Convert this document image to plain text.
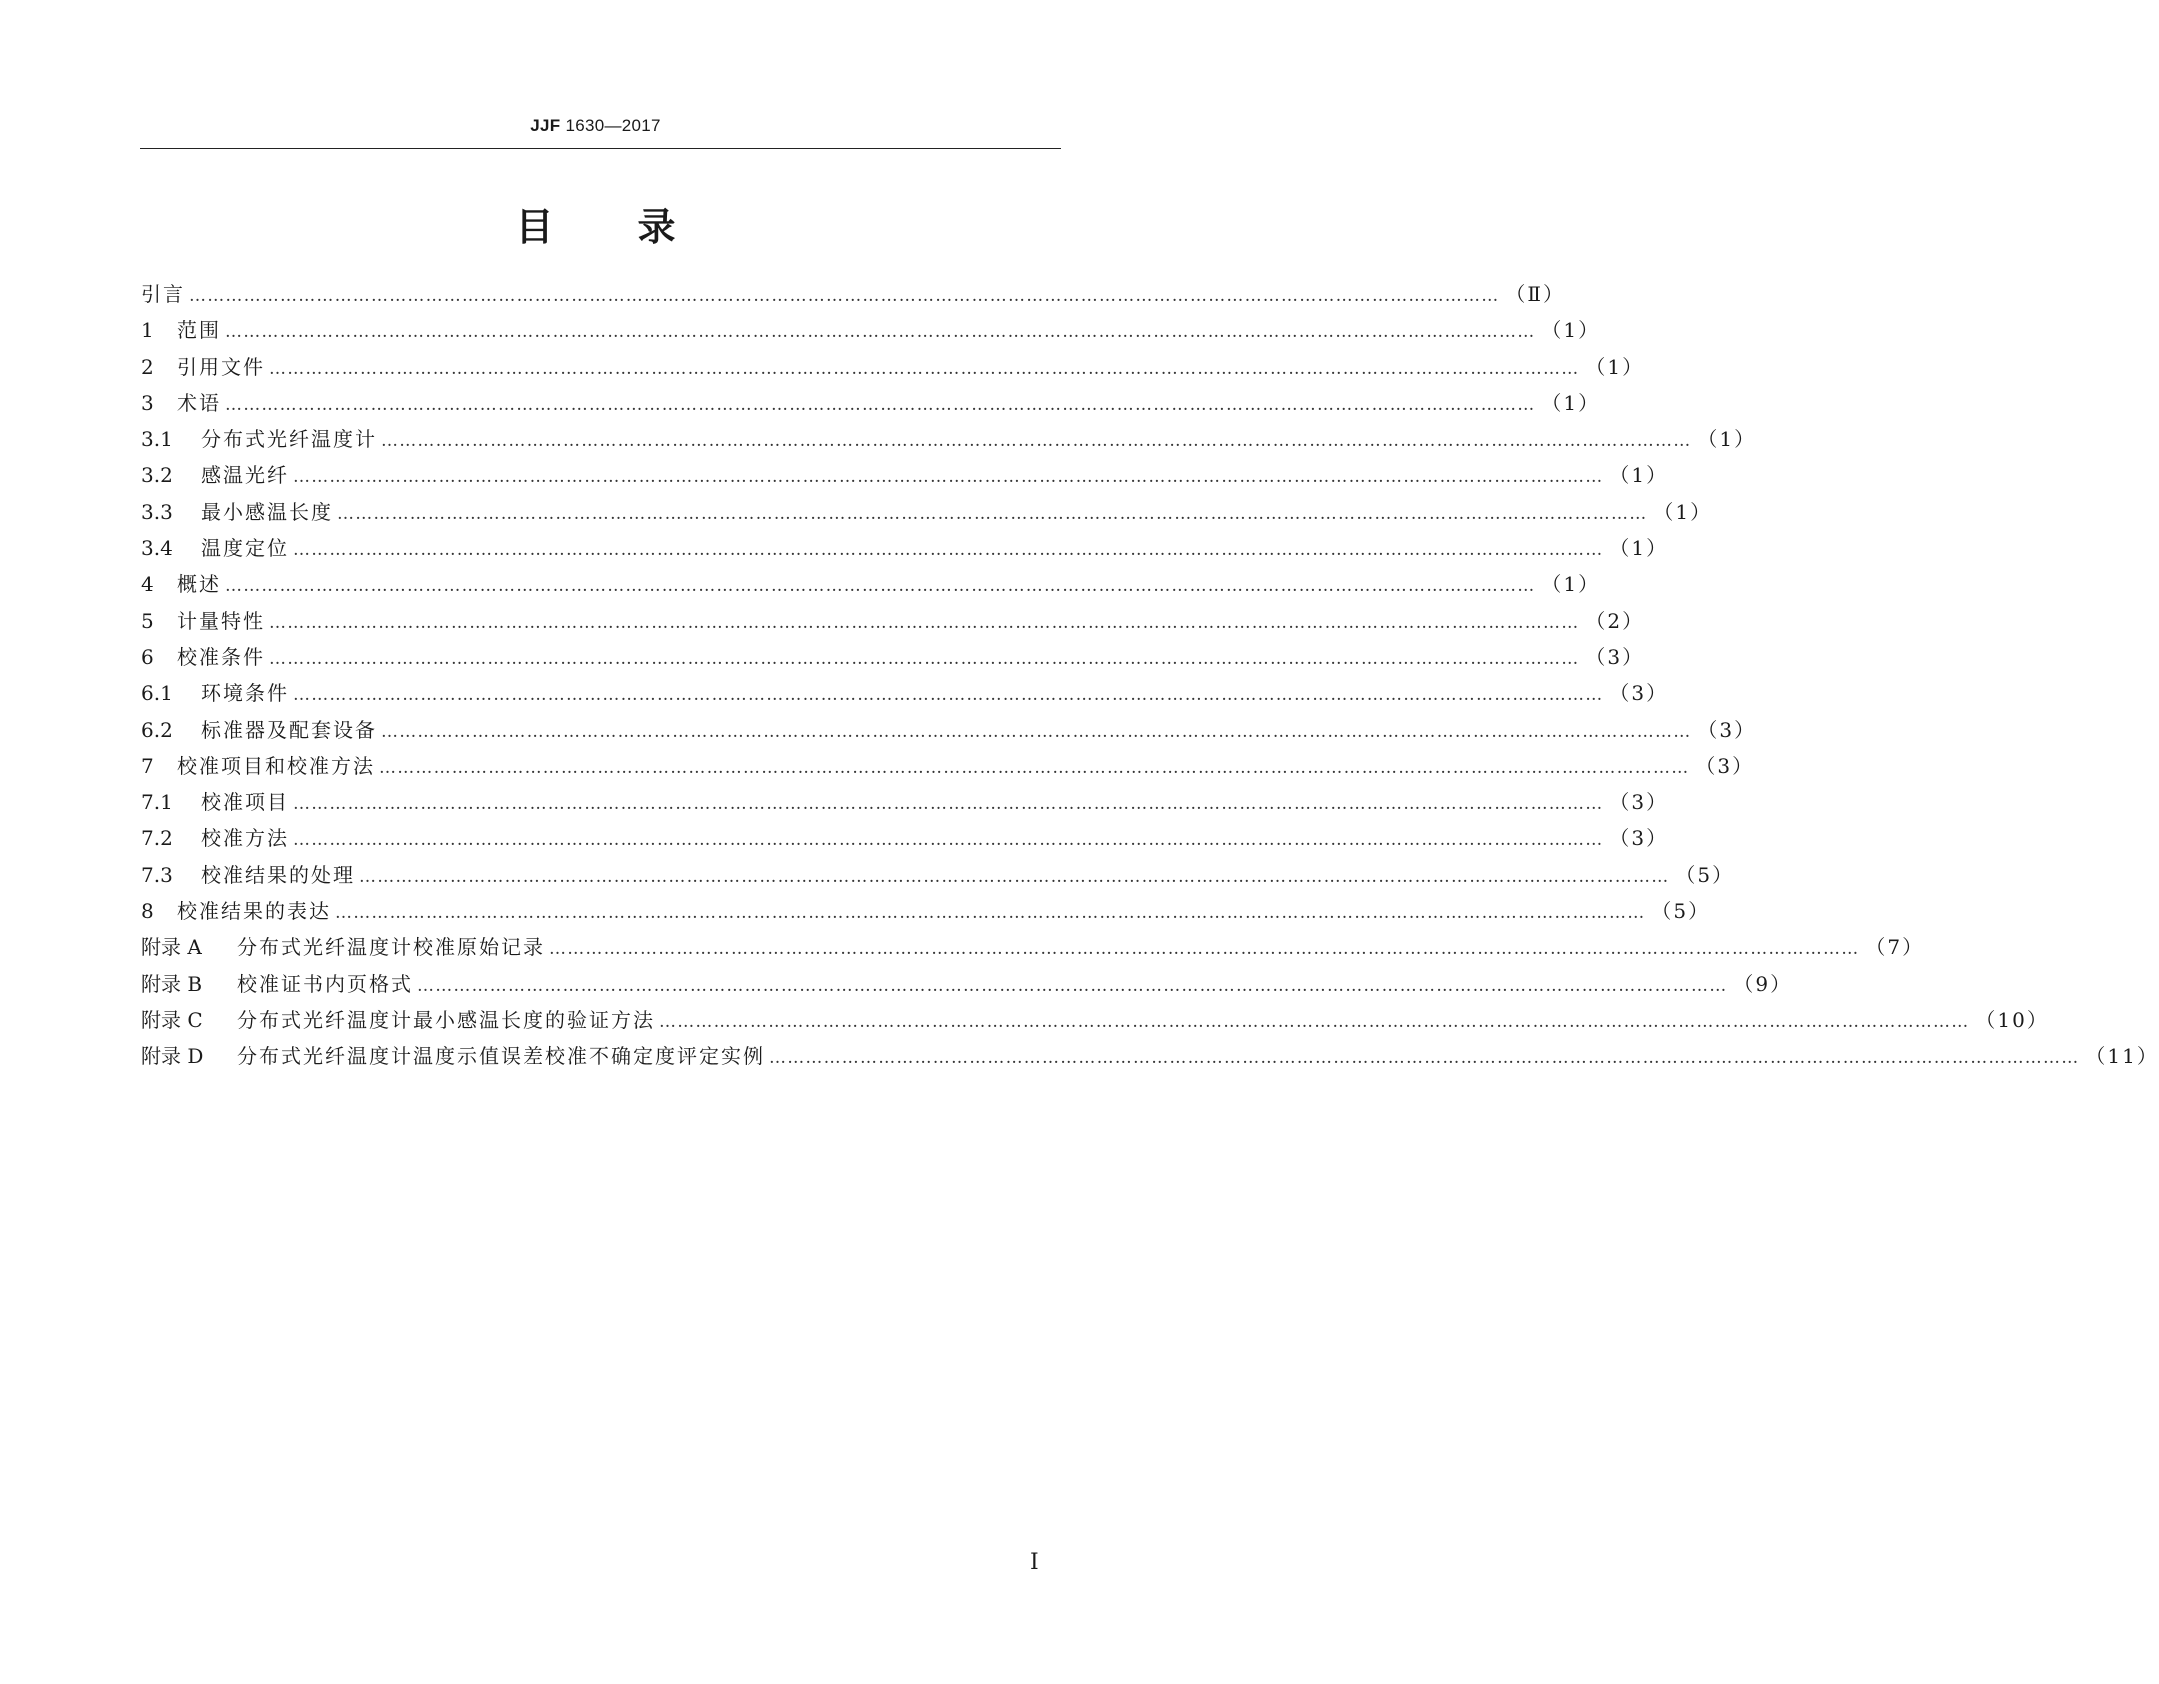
JJF 1630—2017
目 录
引言 ……………………………………………………………………………………………………………………………………………………………………………………………… （Ⅱ）
1	范围 ……………………………………………………………………………………………………………………………………………………………………………………………… （1）
2	引用文件 ……………………………………………………………………………………………………………………………………………………………………………………………… （1）
3	术语 ……………………………………………………………………………………………………………………………………………………………………………………………… （1）
3.1	分布式光纤温度计 ……………………………………………………………………………………………………………………………………………………………………………………………… （1）
3.2	感温光纤 ……………………………………………………………………………………………………………………………………………………………………………………………… （1）
3.3	最小感温长度 ……………………………………………………………………………………………………………………………………………………………………………………………… （1）
3.4	温度定位 ……………………………………………………………………………………………………………………………………………………………………………………………… （1）
4	概述 ……………………………………………………………………………………………………………………………………………………………………………………………… （1）
5	计量特性 ……………………………………………………………………………………………………………………………………………………………………………………………… （2）
6	校准条件 ……………………………………………………………………………………………………………………………………………………………………………………………… （3）
6.1	环境条件 ……………………………………………………………………………………………………………………………………………………………………………………………… （3）
6.2	标准器及配套设备 ……………………………………………………………………………………………………………………………………………………………………………………………… （3）
7	校准项目和校准方法 ……………………………………………………………………………………………………………………………………………………………………………………………… （3）
7.1	校准项目 ……………………………………………………………………………………………………………………………………………………………………………………………… （3）
7.2	校准方法 ……………………………………………………………………………………………………………………………………………………………………………………………… （3）
7.3	校准结果的处理 ……………………………………………………………………………………………………………………………………………………………………………………………… （5）
8	校准结果的表达 ……………………………………………………………………………………………………………………………………………………………………………………………… （5）
附录 A	分布式光纤温度计校准原始记录 ……………………………………………………………………………………………………………………………………………………………………………………………… （7）
附录 B	校准证书内页格式 ……………………………………………………………………………………………………………………………………………………………………………………………… （9）
附录 C	分布式光纤温度计最小感温长度的验证方法 ……………………………………………………………………………………………………………………………………………………………………………………………… （10）
附录 D	分布式光纤温度计温度示值误差校准不确定度评定实例 ……………………………………………………………………………………………………………………………………………………………………………………………… （11）
Ⅰ
